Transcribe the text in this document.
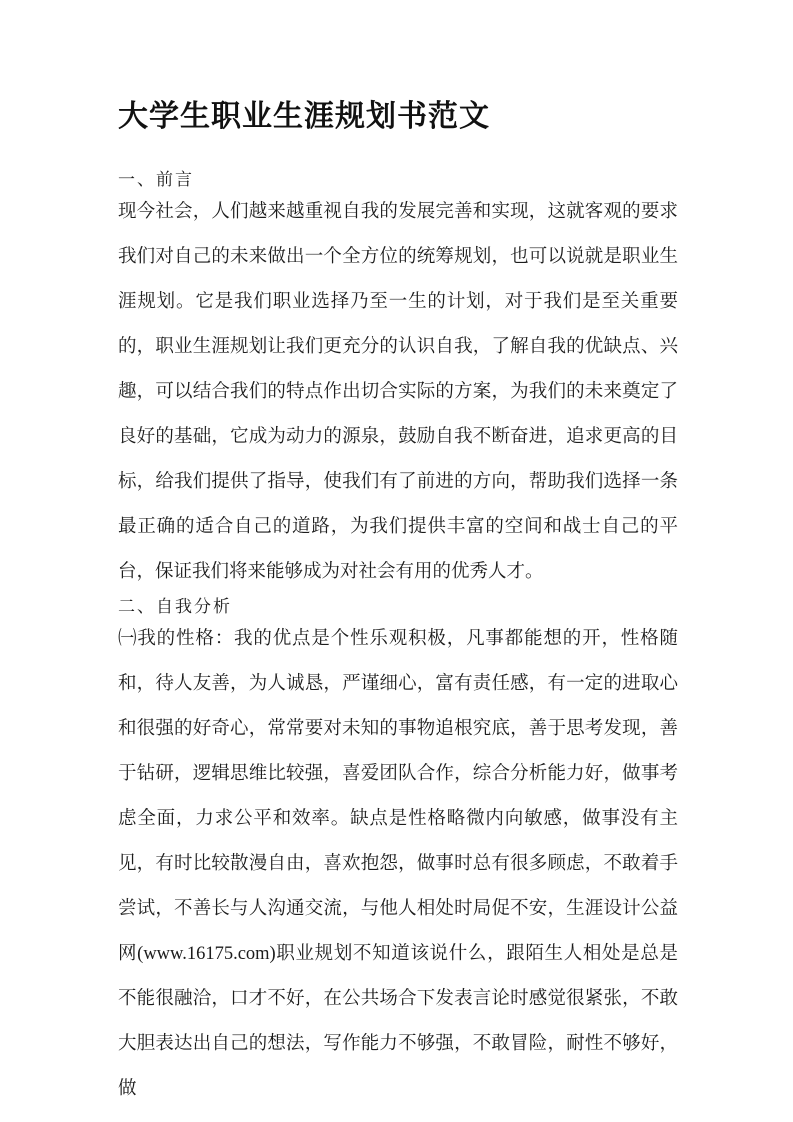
大学生职业生涯规划书范文
一、前言

现今社会，人们越来越重视自我的发展完善和实现，这就客观的要求我们对自己的未来做出一个全方位的统筹规划，也可以说就是职业生涯规划。它是我们职业选择乃至一生的计划，对于我们是至关重要的，职业生涯规划让我们更充分的认识自我，了解自我的优缺点、兴趣，可以结合我们的特点作出切合实际的方案，为我们的未来奠定了良好的基础，它成为动力的源泉，鼓励自我不断奋进，追求更高的目标，给我们提供了指导，使我们有了前进的方向，帮助我们选择一条最正确的适合自己的道路，为我们提供丰富的空间和战士自己的平台，保证我们将来能够成为对社会有用的优秀人才。

二、自我分析

㈠我的性格：我的优点是个性乐观积极，凡事都能想的开，性格随和，待人友善，为人诚恳，严谨细心，富有责任感，有一定的进取心和很强的好奇心，常常要对未知的事物追根究底，善于思考发现，善于钻研，逻辑思维比较强，喜爱团队合作，综合分析能力好，做事考虑全面，力求公平和效率。缺点是性格略微内向敏感，做事没有主见，有时比较散漫自由，喜欢抱怨，做事时总有很多顾虑，不敢着手尝试，不善长与人沟通交流，与他人相处时局促不安，生涯设计公益网(www.16175.com)职业规划不知道该说什么，跟陌生人相处是总是不能很融洽，口才不好，在公共场合下发表言论时感觉很紧张，不敢大胆表达出自己的想法，写作能力不够强，不敢冒险，耐性不够好，做
